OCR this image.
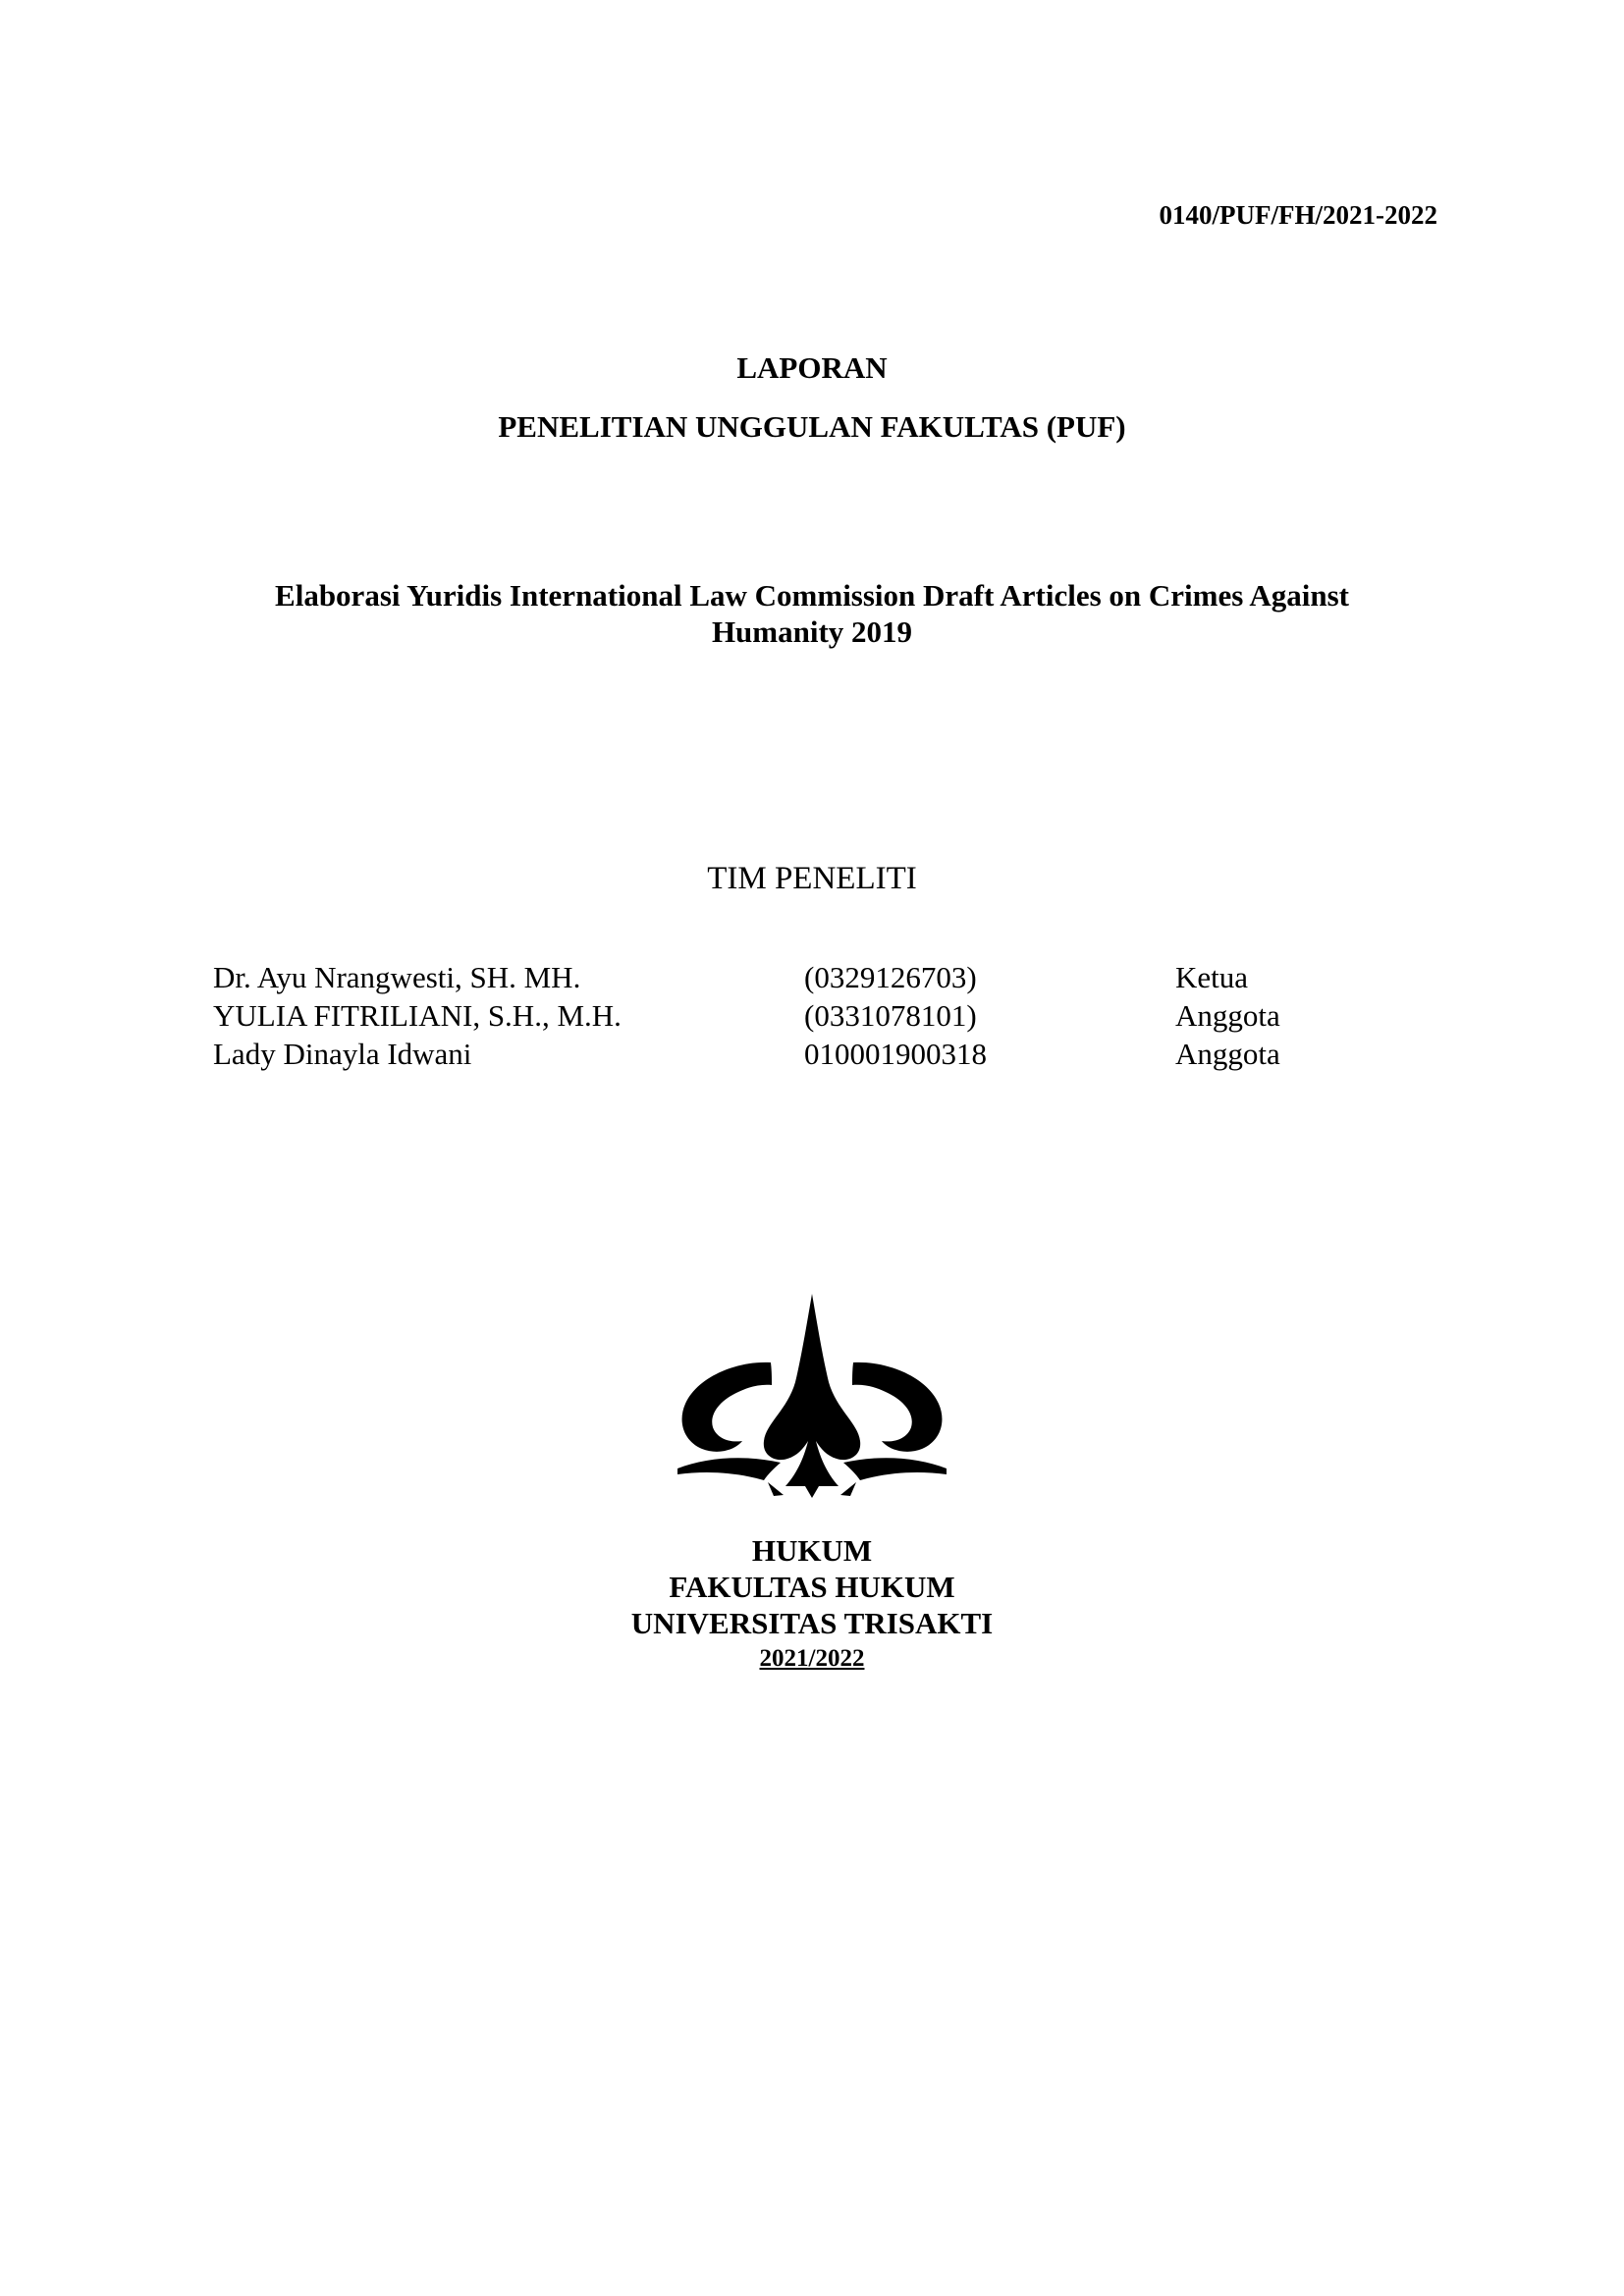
0140/PUF/FH/2021-2022
LAPORAN
PENELITIAN UNGGULAN FAKULTAS (PUF)
Elaborasi Yuridis International Law Commission Draft Articles on Crimes Against
Humanity 2019
TIM PENELITI
Dr. Ayu Nrangwesti, SH. MH.	(0329126703)	Ketua
YULIA FITRILIANI, S.H., M.H.	(0331078101)	Anggota
Lady Dinayla Idwani	010001900318	Anggota
HUKUM
FAKULTAS HUKUM
UNIVERSITAS TRISAKTI
2021/2022
